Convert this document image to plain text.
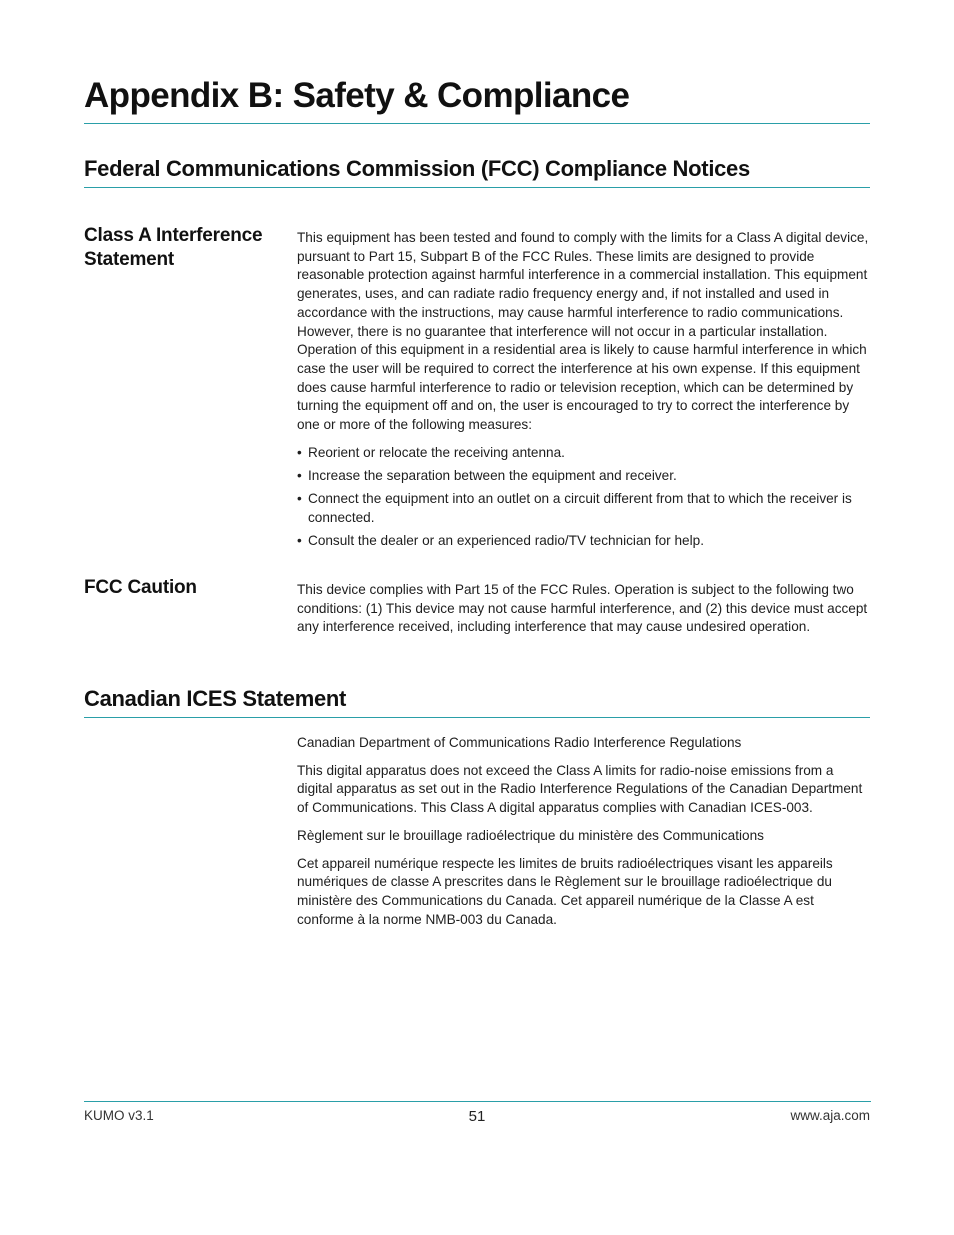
Appendix B: Safety & Compliance
Federal Communications Commission (FCC) Compliance Notices
Class A Interference Statement

This equipment has been tested and found to comply with the limits for a Class A digital device, pursuant to Part 15, Subpart B of the FCC Rules. These limits are designed to provide reasonable protection against harmful interference in a commercial installation. This equipment generates, uses, and can radiate radio frequency energy and, if not installed and used in accordance with the instructions, may cause harmful interference to radio communications. However, there is no guarantee that interference will not occur in a particular installation. Operation of this equipment in a residential area is likely to cause harmful interference in which case the user will be required to correct the interference at his own expense. If this equipment does cause harmful interference to radio or television reception, which can be determined by turning the equipment off and on, the user is encouraged to try to correct the interference by one or more of the following measures:

• Reorient or relocate the receiving antenna.
• Increase the separation between the equipment and receiver.
• Connect the equipment into an outlet on a circuit different from that to which the receiver is connected.
• Consult the dealer or an experienced radio/TV technician for help.
FCC Caution	This device complies with Part 15 of the FCC Rules. Operation is subject to the following two conditions: (1) This device may not cause harmful interference, and (2) this device must accept any interference received, including interference that may cause undesired operation.

Canadian ICES Statement

Canadian Department of Communications Radio Interference Regulations

This digital apparatus does not exceed the Class A limits for radio-noise emissions from a digital apparatus as set out in the Radio Interference Regulations of the Canadian Department of Communications. This Class A digital apparatus complies with Canadian ICES-003.

Règlement sur le brouillage radioélectrique du ministère des Communications

Cet appareil numérique respecte les limites de bruits radioélectriques visant les appareils numériques de classe A prescrites dans le Règlement sur le brouillage radioélectrique du ministère des Communications du Canada. Cet appareil numérique de la Classe A est conforme à la norme NMB-003 du Canada.

KUMO v3.1	51	www.aja.com
